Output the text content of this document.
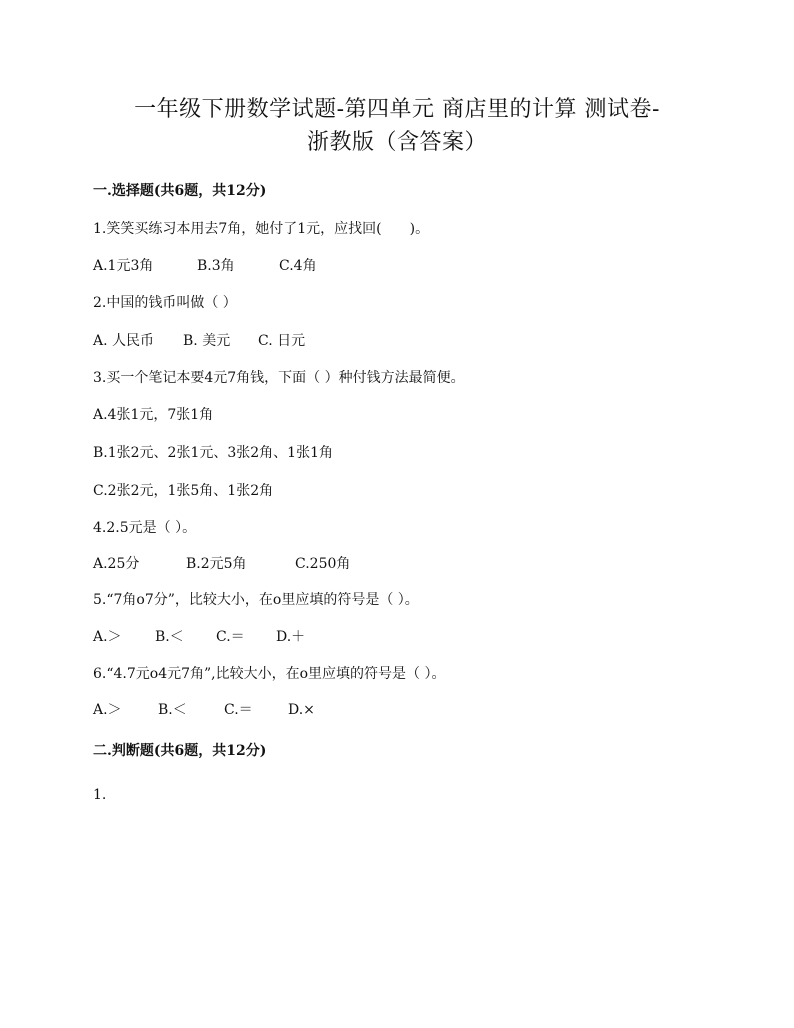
一年级下册数学试题-第四单元 商店里的计算 测试卷-
浙教版（含答案）
一.选择题(共6题，共12分)
1.笑笑买练习本用去7角，她付了1元，应找回(　　)。
A.1元3角	B.3角	C.4角
2.中国的钱币叫做（ ）
A. 人民币 B. 美元 C. 日元
3.买一个笔记本要4元7角钱，下面（ ）种付钱方法最简便。
A.4张1元，7张1角
B.1张2元、2张1元、3张2角、1张1角
C.2张2元，1张5角、1张2角
4.2.5元是（ ）。
A.25分	B.2元5角	C.250角
5.“7角o7分”，比较大小，在o里应填的符号是（ ）。
A.＞ B.＜ C.＝ D.＋
6.“4.7元o4元7角”,比较大小，在o里应填的符号是（ ）。
A.＞	B.＜	C.＝	D.×
二.判断题(共6题，共12分)
1.
